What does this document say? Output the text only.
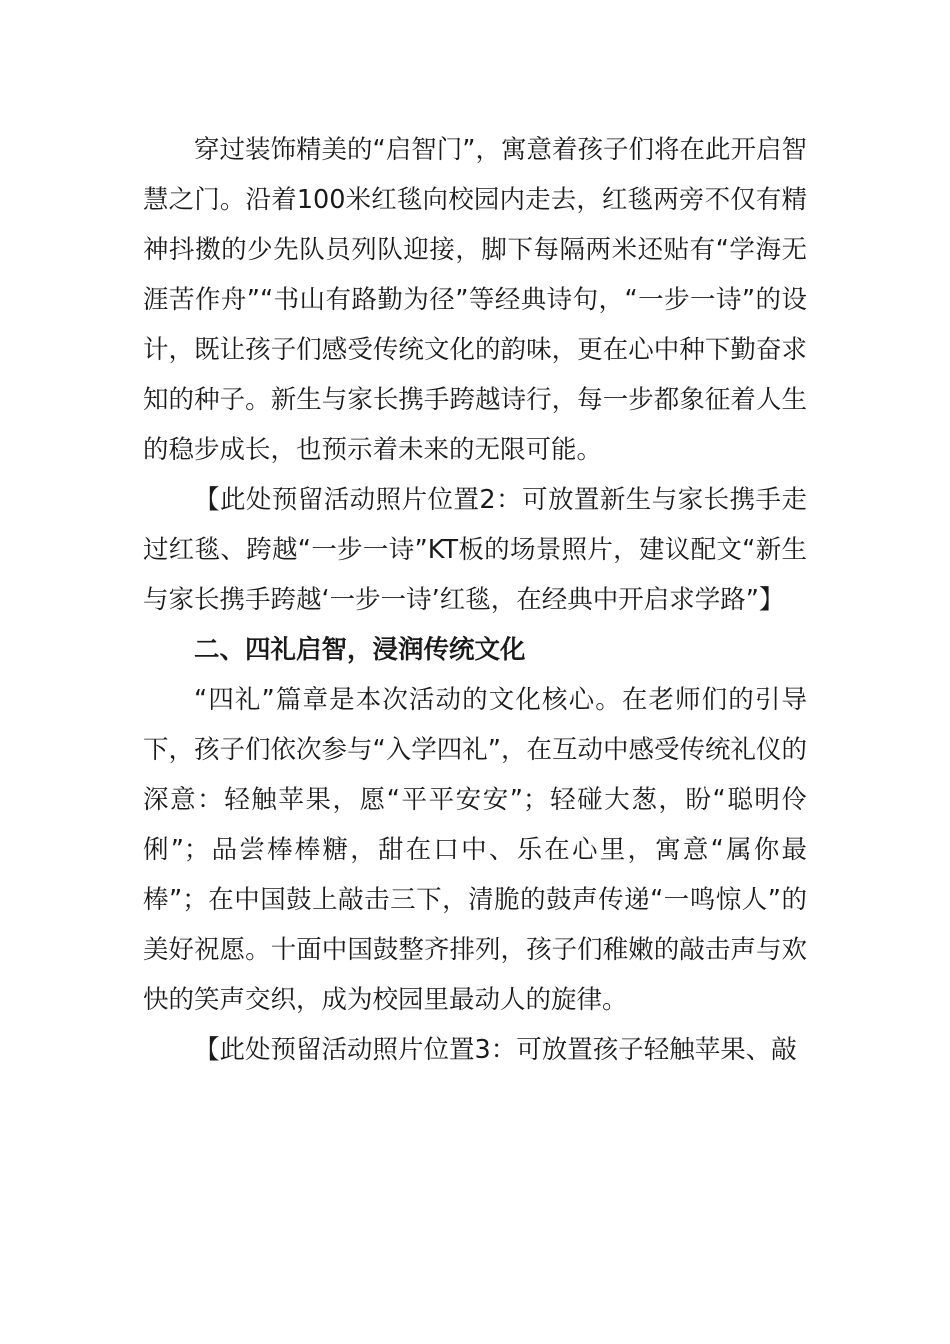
穿过装饰精美的“启智门”，寓意着孩子们将在此开启智慧之门。沿着100米红毯向校园内走去，红毯两旁不仅有精神抖擞的少先队员列队迎接，脚下每隔两米还贴有“学海无涯苦作舟”“书山有路勤为径”等经典诗句，“一步一诗”的设计，既让孩子们感受传统文化的韵味，更在心中种下勤奋求知的种子。新生与家长携手跨越诗行，每一步都象征着人生的稳步成长，也预示着未来的无限可能。

【此处预留活动照片位置2：可放置新生与家长携手走过红毯、跨越“一步一诗”KT板的场景照片，建议配文“新生与家长携手跨越‘一步一诗’红毯，在经典中开启求学路”】

二、四礼启智，浸润传统文化

“四礼”篇章是本次活动的文化核心。在老师们的引导下，孩子们依次参与“入学四礼”，在互动中感受传统礼仪的深意：轻触苹果，愿“平平安安”；轻碰大葱，盼“聪明伶俐”；品尝棒棒糖，甜在口中、乐在心里，寓意“属你最棒”；在中国鼓上敲击三下，清脆的鼓声传递“一鸣惊人”的美好祝愿。十面中国鼓整齐排列，孩子们稚嫩的敲击声与欢快的笑声交织，成为校园里最动人的旋律。

【此处预留活动照片位置3：可放置孩子轻触苹果、敲
